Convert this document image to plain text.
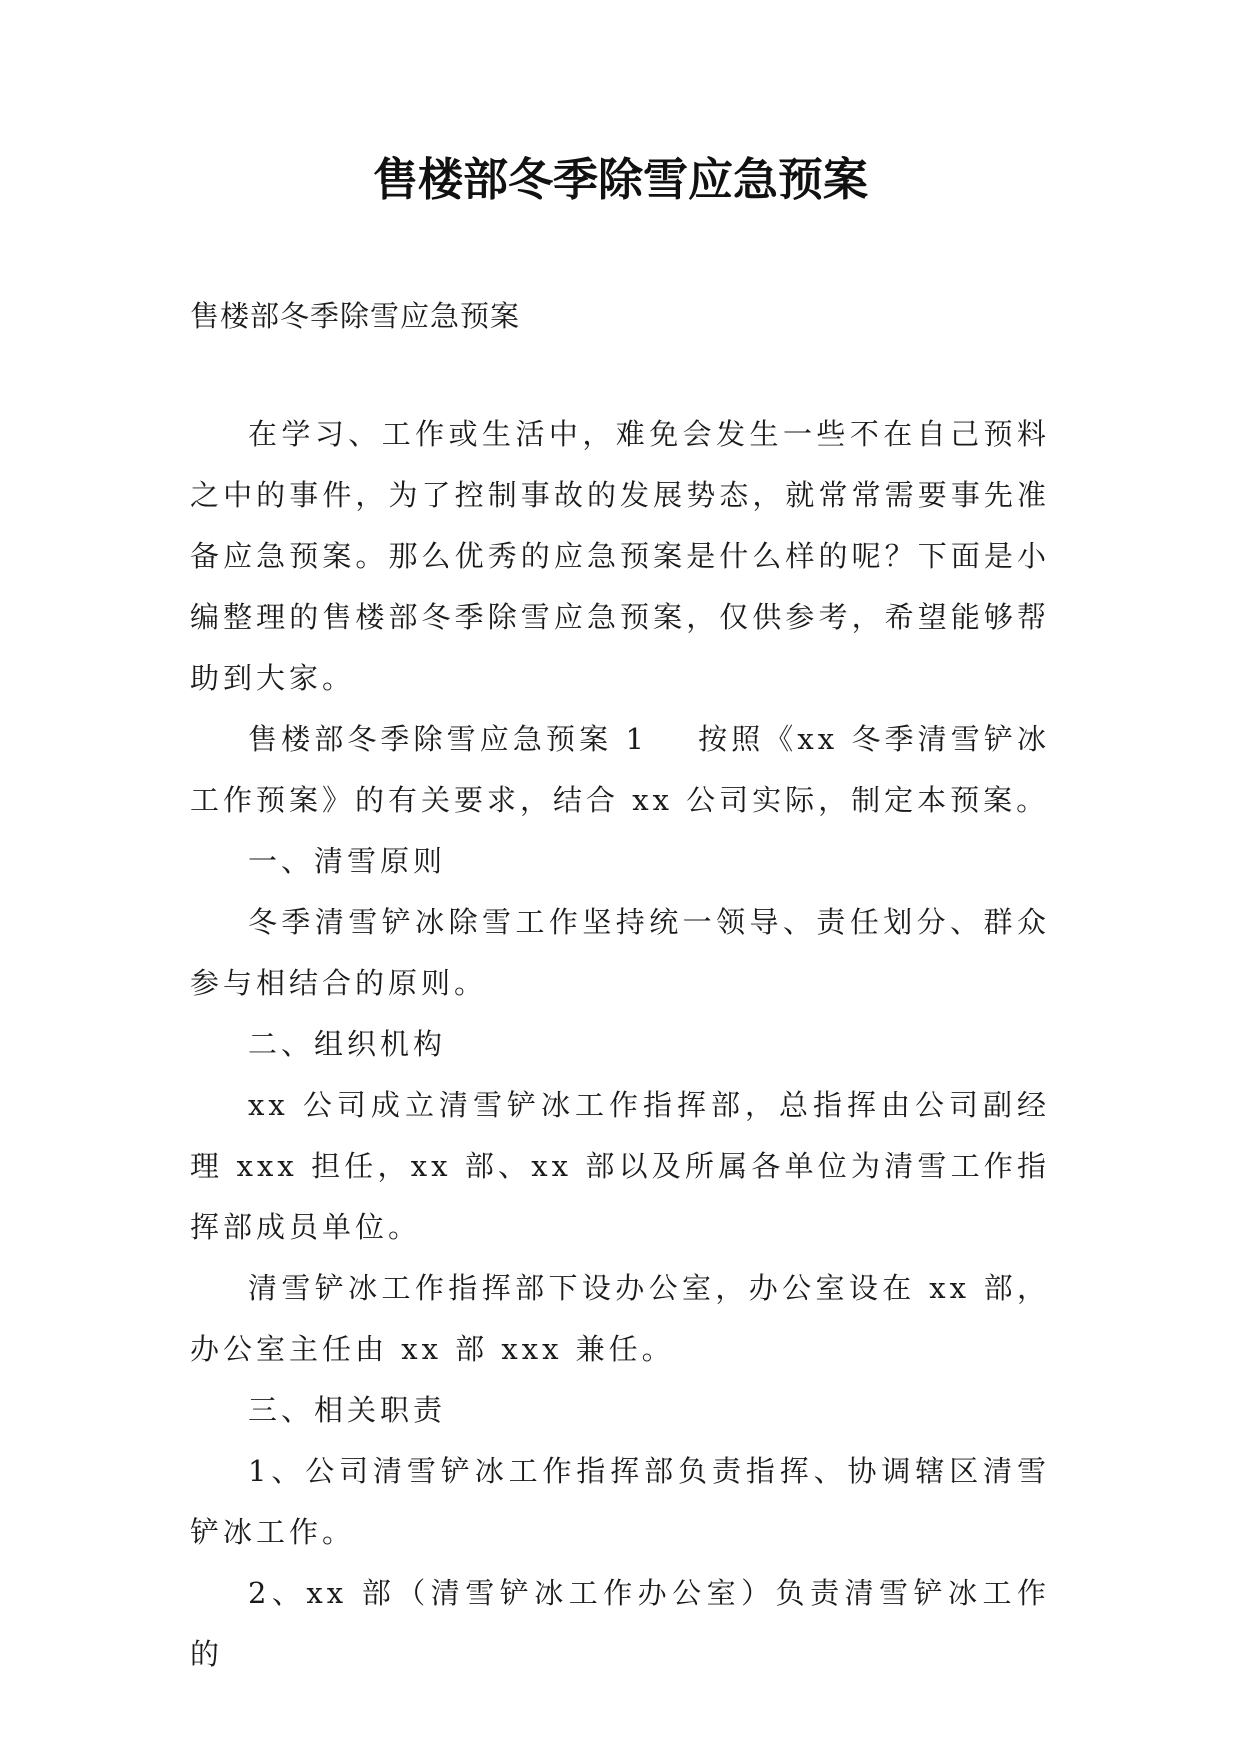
售楼部冬季除雪应急预案

售楼部冬季除雪应急预案

在学习、工作或生活中，难免会发生一些不在自己预料之中的事件，为了控制事故的发展势态，就常常需要事先准备应急预案。那么优秀的应急预案是什么样的呢？下面是小编整理的售楼部冬季除雪应急预案，仅供参考，希望能够帮助到大家。

售楼部冬季除雪应急预案 1 按照《xx 冬季清雪铲冰工作预案》的有关要求，结合 xx 公司实际，制定本预案。

一、清雪原则

冬季清雪铲冰除雪工作坚持统一领导、责任划分、群众参与相结合的原则。

二、组织机构

xx 公司成立清雪铲冰工作指挥部，总指挥由公司副经理 xxx 担任，xx 部、xx 部以及所属各单位为清雪工作指挥部成员单位。

清雪铲冰工作指挥部下设办公室，办公室设在 xx 部，办公室主任由 xx 部 xxx 兼任。

三、相关职责

1、公司清雪铲冰工作指挥部负责指挥、协调辖区清雪铲冰工作。

2、xx 部（清雪铲冰工作办公室）负责清雪铲冰工作的
